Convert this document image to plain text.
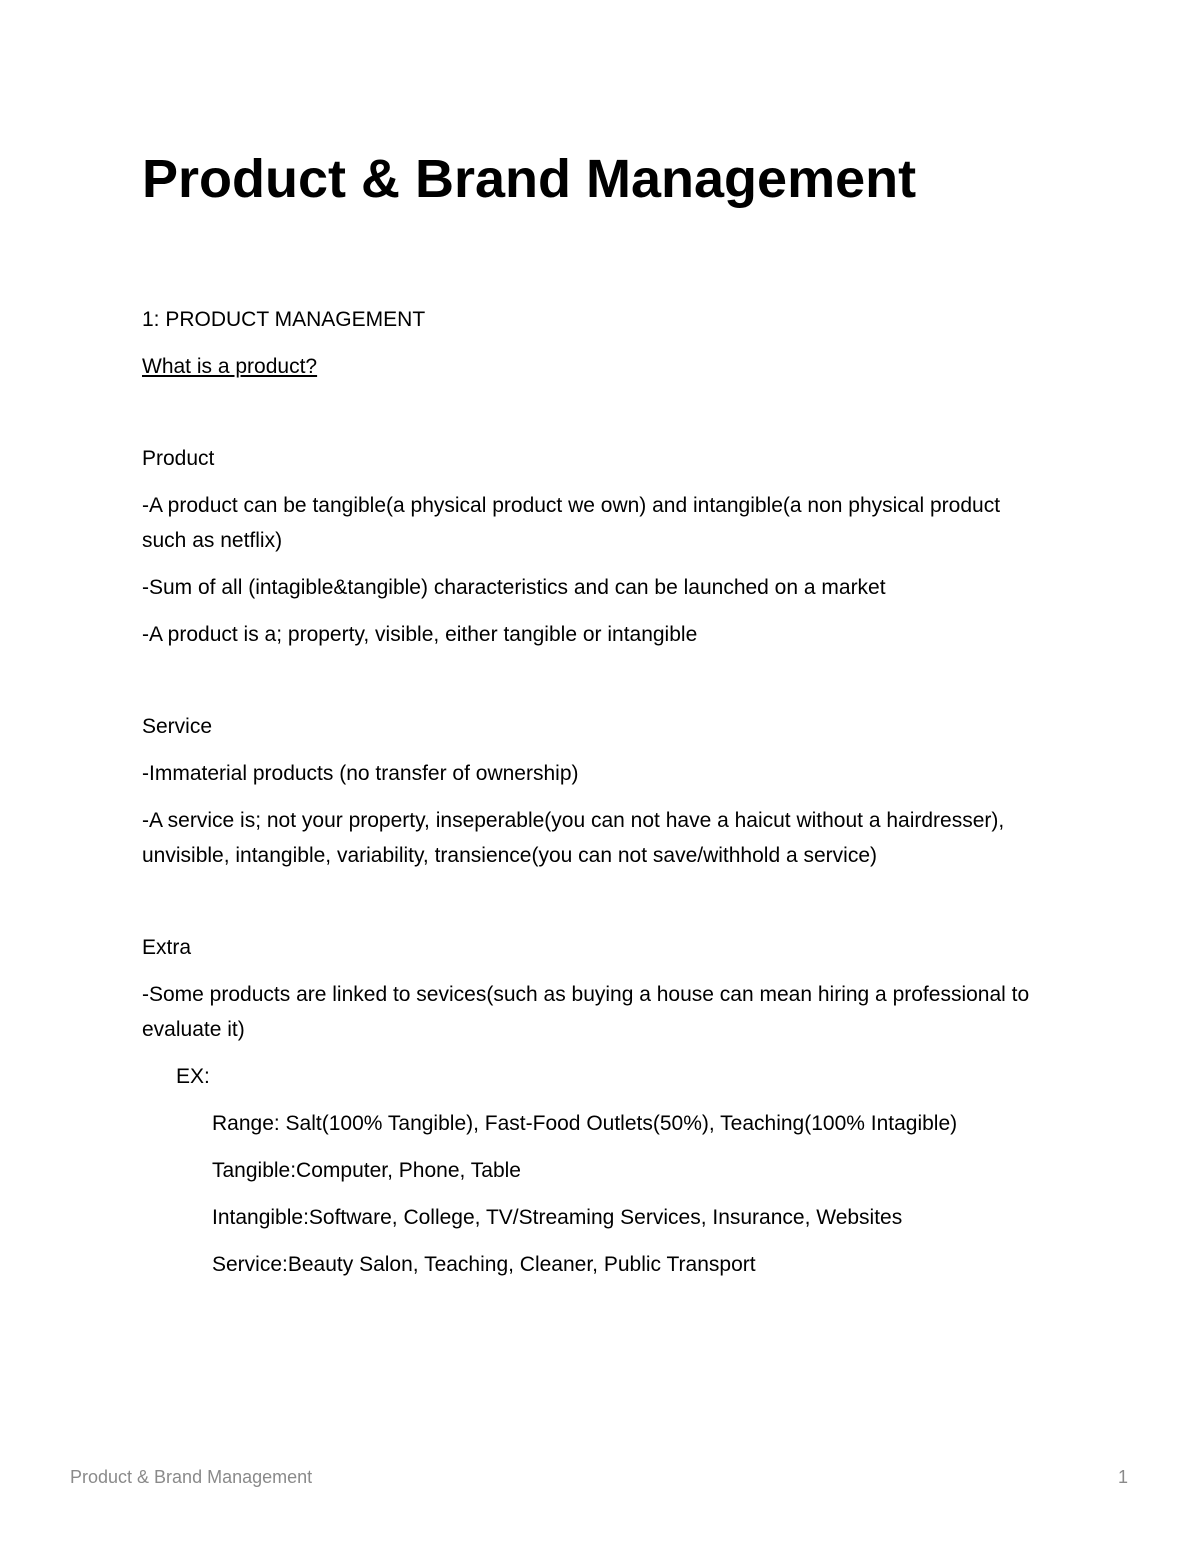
Product & Brand Management

1: PRODUCT MANAGEMENT

What is a product?

Product

-A product can be tangible(a physical product we own) and intangible(a non physical product such as netflix)

-Sum of all (intagible&tangible) characteristics and can be launched on a market

-A product is a; property, visible, either tangible or intangible

Service

-Immaterial products (no transfer of ownership)

-A service is; not your property, inseperable(you can not have a haicut without a hairdresser), unvisible, intangible, variability, transience(you can not save/withhold a service)

Extra

-Some products are linked to sevices(such as buying a house can mean hiring a professional to evaluate it)

EX:

Range: Salt(100% Tangible), Fast-Food Outlets(50%), Teaching(100% Intagible)

Tangible:Computer, Phone, Table

Intangible:Software, College, TV/Streaming Services, Insurance, Websites

Service:Beauty Salon, Teaching, Cleaner, Public Transport

Product & Brand Management	1
